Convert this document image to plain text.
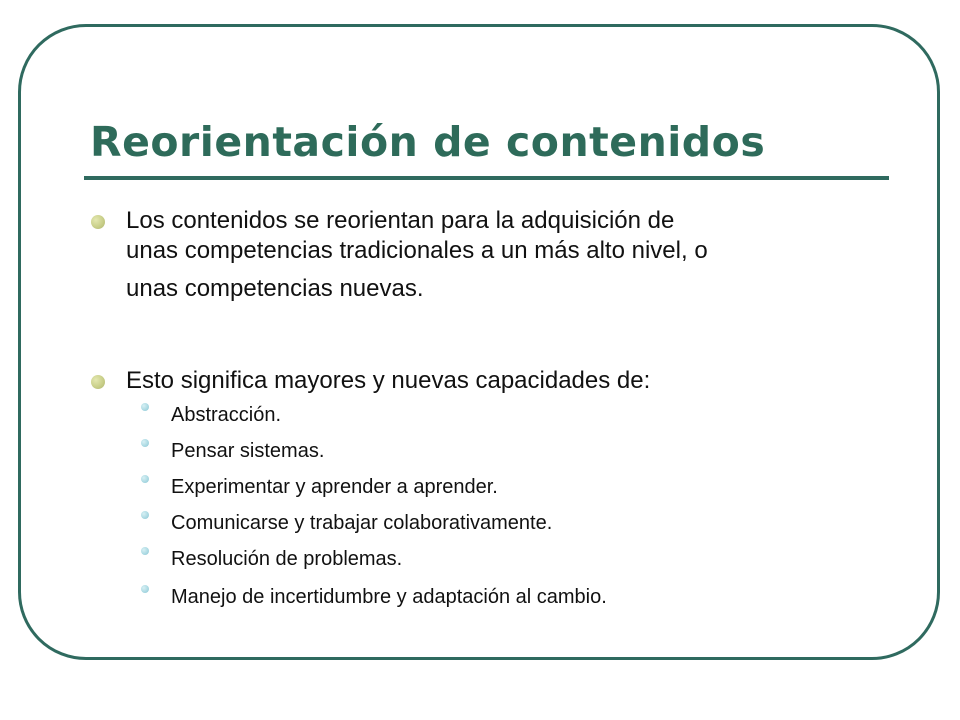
Reorientación de contenidos

Los contenidos se reorientan para la adquisición de
unas competencias tradicionales a un más alto nivel, o
unas competencias nuevas.

Esto significa mayores y nuevas capacidades de:

Abstracción.
Pensar sistemas.
Experimentar y aprender a aprender.
Comunicarse y trabajar colaborativamente.
Resolución de problemas.
Manejo de incertidumbre y adaptación al cambio.
